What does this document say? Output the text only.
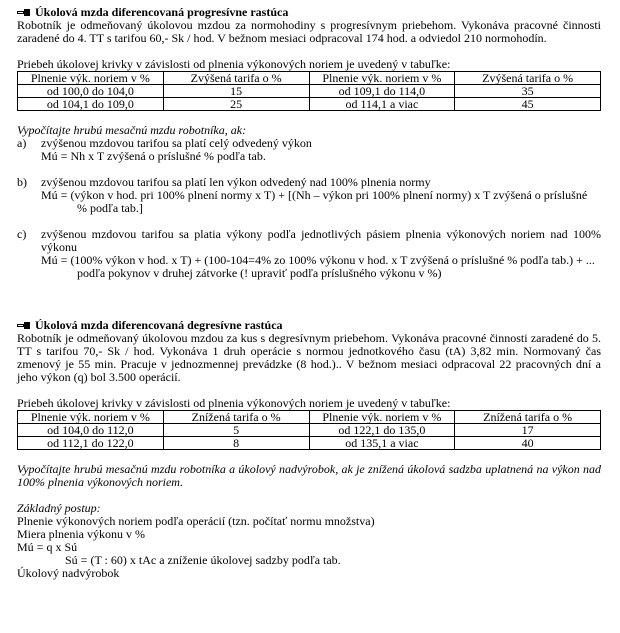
Úkolová mzda diferencovaná progresívne rastúca
Robotník je odmeňovaný úkolovou mzdou za normohodiny s progresívnym priebehom. Vykonáva pracovné činnosti zaradené do 4. TT s tarifou 60,- Sk / hod. V bežnom mesiaci odpracoval 174 hod. a odviedol 210 normohodín.
Priebeh úkolovej krivky v závislosti od plnenia výkonových noriem je uvedený v tabuľke:
Plnenie výk. noriem v %	Zvýšená tarifa o %	Plnenie výk. noriem v %	Zvýšená tarifa o %
od 100,0 do 104,0	15	od 109,1 do 114,0	35
od 104,1 do 109,0	25	od 114,1 a viac	45
Vypočítajte hrubú mesačnú mzdu robotníka, ak:
a)	zvýšenou mzdovou tarifou sa platí celý odvedený výkon
Mú = Nh x T zvýšená o príslušné % podľa tab.
b)	zvýšenou mzdovou tarifou sa platí len výkon odvedený nad 100% plnenia normy
Mú = (výkon v hod. pri 100% plnení normy x T) + [(Nh – výkon pri 100% plnení normy) x T zvýšená o príslušné
% podľa tab.]
c)	zvýšenou mzdovou tarifou sa platia výkony podľa jednotlivých pásiem plnenia výkonových noriem nad 100% výkonu
Mú = (100% výkon v hod. x T) + (100-104=4% zo 100% výkonu v hod. x T zvýšená o príslušné % podľa tab.) + ...
podľa pokynov v druhej zátvorke (! upraviť podľa príslušného výkonu v %)
Úkolová mzda diferencovaná degresívne rastúca
Robotník je odmeňovaný úkolovou mzdou za kus s degresívnym priebehom. Vykonáva pracovné činnosti zaradené do 5. TT s tarifou 70,- Sk / hod. Vykonáva 1 druh operácie s normou jednotkového času (tA) 3,82 min. Normovaný čas zmenový je 55 min. Pracuje v jednozmennej prevádzke (8 hod.).. V bežnom mesiaci odpracoval 22 pracovných dní a jeho výkon (q) bol 3.500 operácií.
Priebeh úkolovej krivky v závislosti od plnenia výkonových noriem je uvedený v tabuľke:
Plnenie výk. noriem v %	Znížená tarifa o %	Plnenie výk. noriem v %	Znížená tarifa o %
od 104,0 do 112,0	5	od 122,1 do 135,0	17
od 112,1 do 122,0	8	od 135,1 a viac	40
Vypočítajte hrubú mesačnú mzdu robotníka a úkolový nadvýrobok, ak je znížená úkolová sadzba uplatnená na výkon nad 100% plnenia výkonových noriem.
Základný postup:
Plnenie výkonových noriem podľa operácií (tzn. počítať normu množstva)
Miera plnenia výkonu v %
Mú = q x Sú
Sú = (T : 60) x tAc a zníženie úkolovej sadzby podľa tab.
Úkolový nadvýrobok
